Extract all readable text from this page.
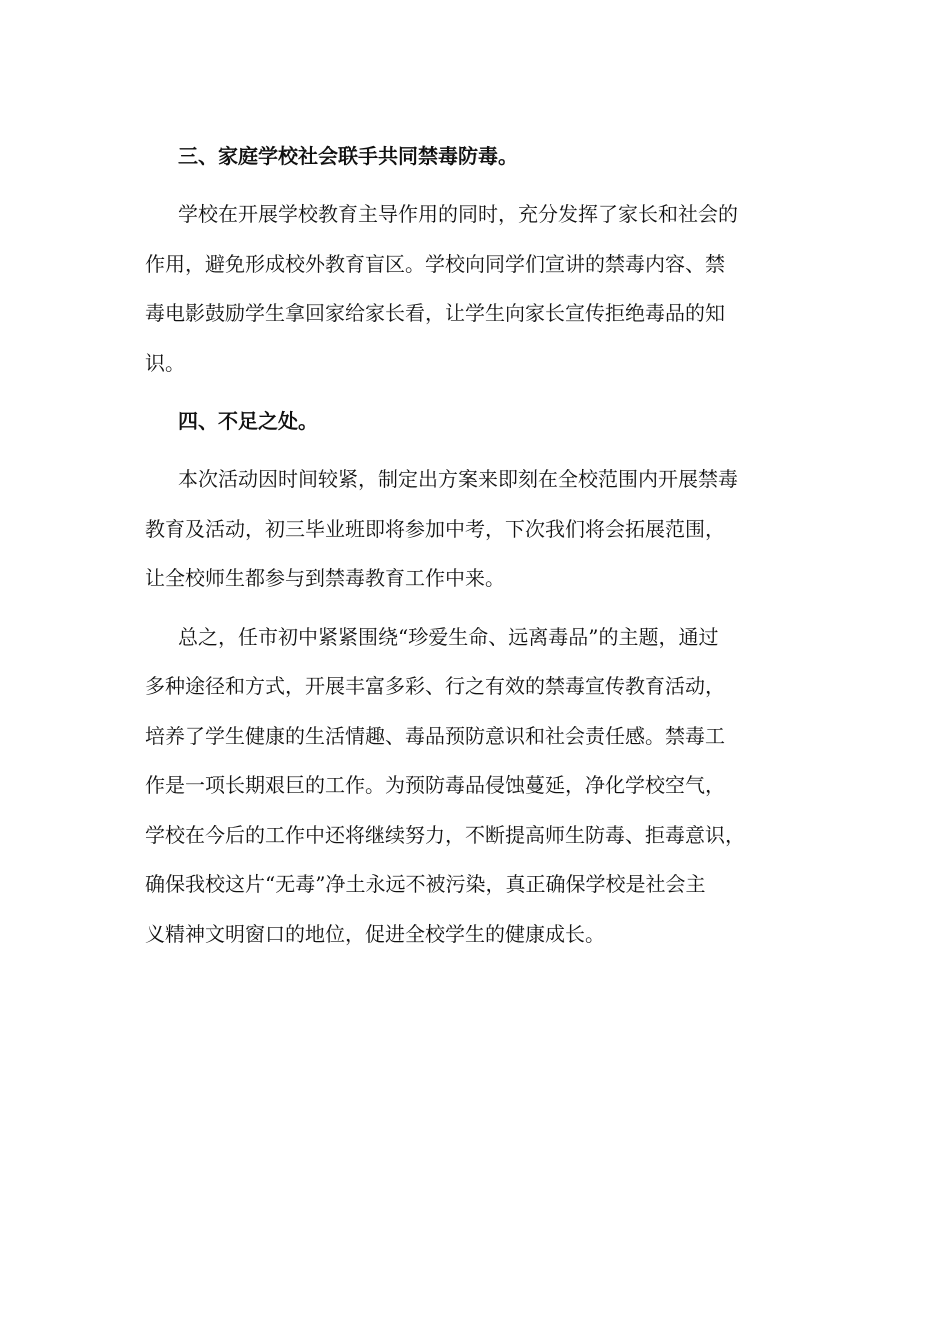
三、家庭学校社会联手共同禁毒防毒。
学校在开展学校教育主导作用的同时，充分发挥了家长和社会的
作用，避免形成校外教育盲区。学校向同学们宣讲的禁毒内容、禁
毒电影鼓励学生拿回家给家长看，让学生向家长宣传拒绝毒品的知
识。
四、不足之处。
本次活动因时间较紧，制定出方案来即刻在全校范围内开展禁毒
教育及活动，初三毕业班即将参加中考，下次我们将会拓展范围，
让全校师生都参与到禁毒教育工作中来。
总之，任市初中紧紧围绕“珍爱生命、远离毒品”的主题，通过
多种途径和方式，开展丰富多彩、行之有效的禁毒宣传教育活动，
培养了学生健康的生活情趣、毒品预防意识和社会责任感。禁毒工
作是一项长期艰巨的工作。为预防毒品侵蚀蔓延，净化学校空气，
学校在今后的工作中还将继续努力，不断提高师生防毒、拒毒意识，
确保我校这片“无毒”净土永远不被污染，真正确保学校是社会主
义精神文明窗口的地位，促进全校学生的健康成长。
